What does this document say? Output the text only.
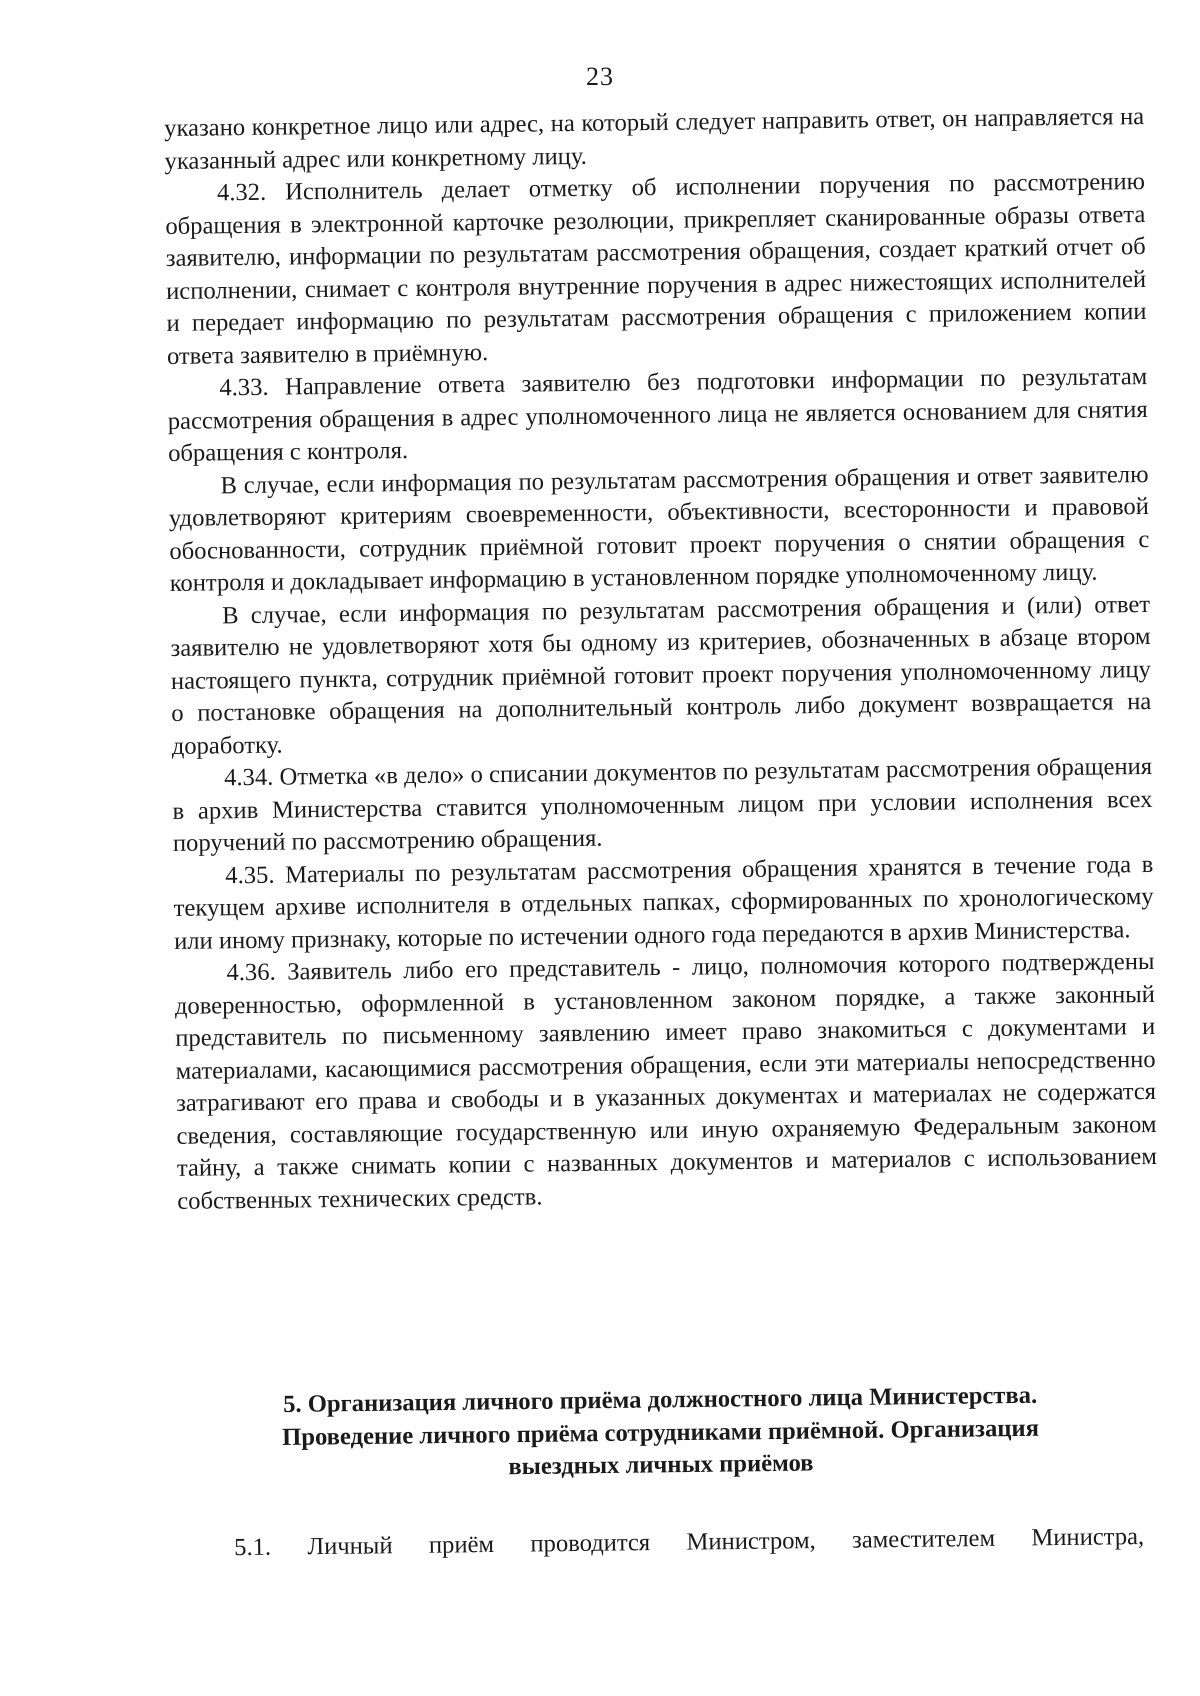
23

указано конкретное лицо или адрес, на который следует направить ответ, он направляется на указанный адрес или конкретному лицу.

4.32. Исполнитель делает отметку об исполнении поручения по рассмотрению обращения в электронной карточке резолюции, прикрепляет сканированные образы ответа заявителю, информации по результатам рассмотрения обращения, создает краткий отчет об исполнении, снимает с контроля внутренние поручения в адрес нижестоящих исполнителей и передает информацию по результатам рассмотрения обращения с приложением копии ответа заявителю в приёмную.

4.33. Направление ответа заявителю без подготовки информации по результатам рассмотрения обращения в адрес уполномоченного лица не является основанием для снятия обращения с контроля.

В случае, если информация по результатам рассмотрения обращения и ответ заявителю удовлетворяют критериям своевременности, объективности, всесторонности и правовой обоснованности, сотрудник приёмной готовит проект поручения о снятии обращения с контроля и докладывает информацию в установленном порядке уполномоченному лицу.

В случае, если информация по результатам рассмотрения обращения и (или) ответ заявителю не удовлетворяют хотя бы одному из критериев, обозначенных в абзаце втором настоящего пункта, сотрудник приёмной готовит проект поручения уполномоченному лицу о постановке обращения на дополнительный контроль либо документ возвращается на доработку.

4.34. Отметка «в дело» о списании документов по результатам рассмотрения обращения в архив Министерства ставится уполномоченным лицом при условии исполнения всех поручений по рассмотрению обращения.

4.35. Материалы по результатам рассмотрения обращения хранятся в течение года в текущем архиве исполнителя в отдельных папках, сформированных по хронологическому или иному признаку, которые по истечении одного года передаются в архив Министерства.

4.36. Заявитель либо его представитель - лицо, полномочия которого подтверждены доверенностью, оформленной в установленном законом порядке, а также законный представитель по письменному заявлению имеет право знакомиться с документами и материалами, касающимися рассмотрения обращения, если эти материалы непосредственно затрагивают его права и свободы и в указанных документах и материалах не содержатся сведения, составляющие государственную или иную охраняемую Федеральным законом тайну, а также снимать копии с названных документов и материалов с использованием собственных технических средств.

5. Организация личного приёма должностного лица Министерства.
Проведение личного приёма сотрудниками приёмной. Организация
выездных личных приёмов
5.1. Личный приём проводится Министром, заместителем Министра,
